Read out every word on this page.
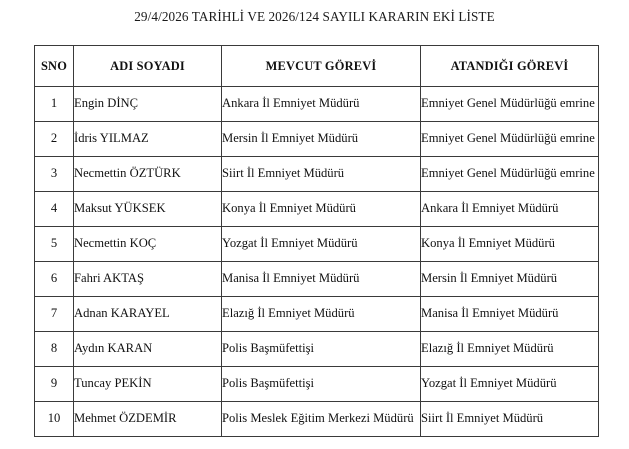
29/4/2026 TARİHLİ VE 2026/124 SAYILI KARARIN EKİ LİSTE
SNO	ADI SOYADI	MEVCUT GÖREVİ	ATANDIĞI GÖREVİ

1	Engin DİNÇ	Ankara İl Emniyet Müdürü	Emniyet Genel Müdürlüğü emrine

2	İdris YILMAZ	Mersin İl Emniyet Müdürü	Emniyet Genel Müdürlüğü emrine

3	Necmettin ÖZTÜRK	Siirt İl Emniyet Müdürü	Emniyet Genel Müdürlüğü emrine

4	Maksut YÜKSEK	Konya İl Emniyet Müdürü	Ankara İl Emniyet Müdürü

5	Necmettin KOÇ	Yozgat İl Emniyet Müdürü	Konya İl Emniyet Müdürü

6	Fahri AKTAŞ	Manisa İl Emniyet Müdürü	Mersin İl Emniyet Müdürü

7	Adnan KARAYEL	Elazığ İl Emniyet Müdürü	Manisa İl Emniyet Müdürü

8	Aydın KARAN	Polis Başmüfettişi	Elazığ İl Emniyet Müdürü

9	Tuncay PEKİN	Polis Başmüfettişi	Yozgat İl Emniyet Müdürü

10	Mehmet ÖZDEMİR	Polis Meslek Eğitim Merkezi Müdürü	Siirt İl Emniyet Müdürü
